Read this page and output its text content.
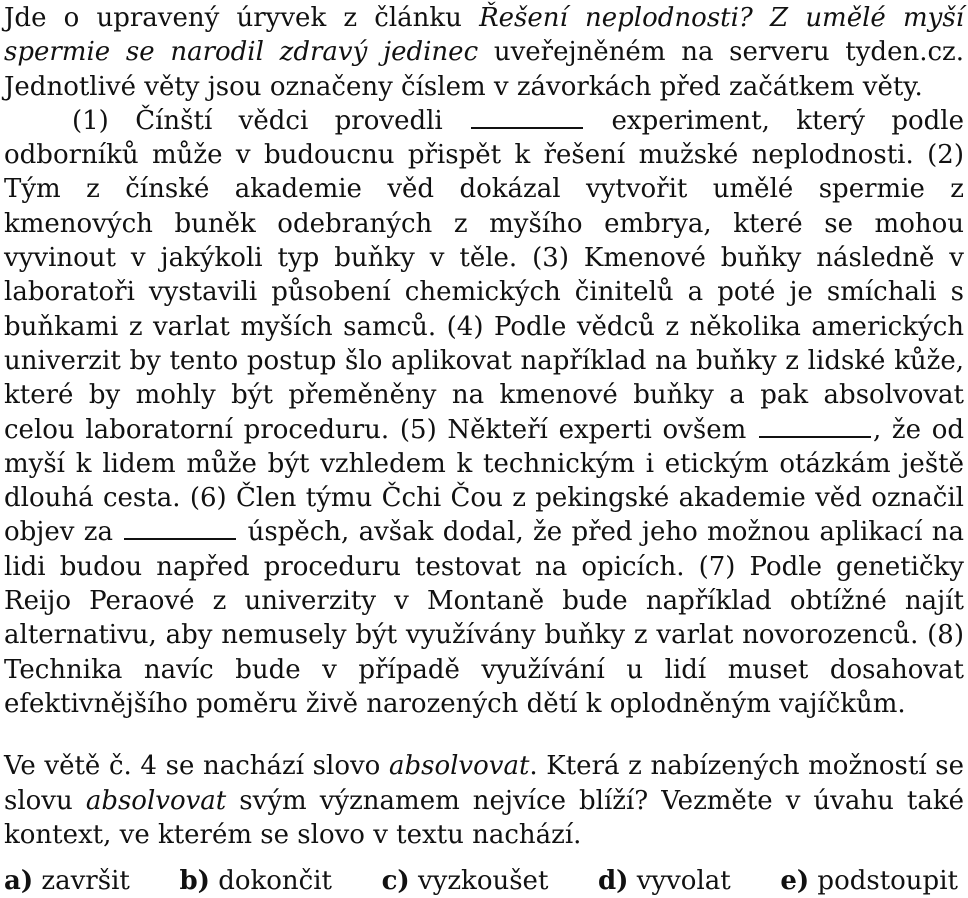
Jde o upravený úryvek z článku Řešení neplodnosti? Z umělé myší spermie se narodil zdravý jedinec uveřejněném na serveru tyden.cz. Jednotlivé věty jsou označeny číslem v závorkách před začátkem věty.

(1) Čínští vědci provedli	experiment, který podle odborníků může v budoucnu přispět k řešení mužské neplodnosti. (2) Tým z čínské akademie věd dokázal vytvořit umělé spermie z kmenových buněk odebraných z myšího embrya, které se mohou vyvinout v jakýkoli typ buňky v těle. (3) Kmenové buňky následně v laboratoři vystavili působení chemických činitelů a poté je smíchali s buňkami z varlat myších samců. (4) Podle vědců z několika amerických univerzit by tento postup šlo aplikovat například na buňky z lidské kůže, které by mohly být přeměněny na kmenové buňky a pak absolvovat celou laboratorní proceduru. (5) Někteří experti ovšem	, že od myší k lidem může být vzhledem k technickým i etickým otázkám ještě dlouhá cesta. (6) Člen týmu Čchi Čou z pekingské akademie věd označil objev za	úspěch, avšak dodal, že před jeho možnou aplikací na lidi budou napřed proceduru testovat na opicích. (7) Podle genetičky Reijo Peraové z univerzity v Montaně bude například obtížné najít alternativu, aby nemusely být využívány buňky z varlat novorozenců. (8) Technika navíc bude v případě využívání u lidí muset dosahovat efektivnějšího poměru živě narozených dětí k oplodněným vajíčkům.

Ve větě č. 4 se nachází slovo absolvovat. Která z nabízených možností se slovu absolvovat svým významem nejvíce blíží? Vezměte v úvahu také kontext, ve kterém se slovo v textu nachází.

a) završit b) dokončit c) vyzkoušet d) vyvolat e) podstoupit
